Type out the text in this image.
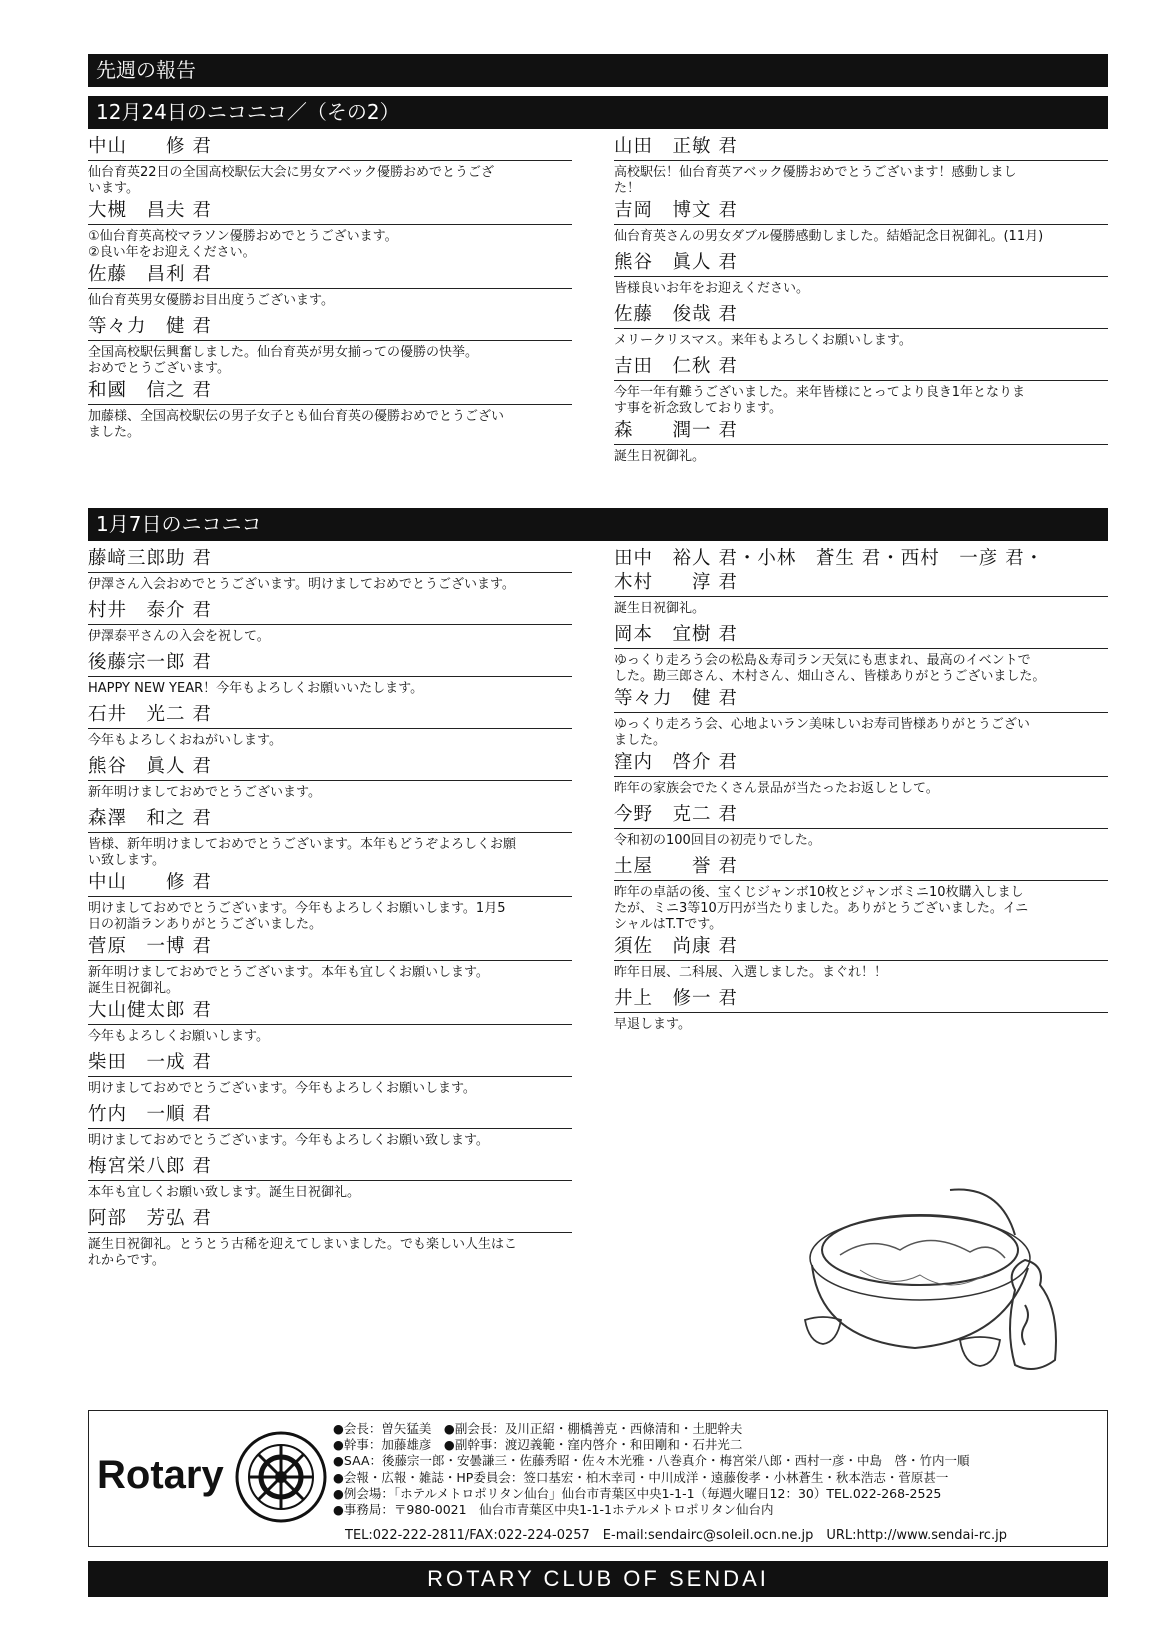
先週の報告
12月24日のニコニコ／（その2）
中山　　修 君
仙台育英22日の全国高校駅伝大会に男女アベック優勝おめでとうござ
います。
大槻　昌夫 君
①仙台育英高校マラソン優勝おめでとうございます。
②良い年をお迎えください。
佐藤　昌利 君
仙台育英男女優勝お目出度うございます。
等々力　健 君
全国高校駅伝興奮しました。仙台育英が男女揃っての優勝の快挙。
おめでとうございます。
和國　信之 君
加藤様、全国高校駅伝の男子女子とも仙台育英の優勝おめでとうござい
ました。
山田　正敏 君
高校駅伝！仙台育英アベック優勝おめでとうございます！感動しまし
た！
吉岡　博文 君
仙台育英さんの男女ダブル優勝感動しました。結婚記念日祝御礼。(11月)
熊谷　眞人 君
皆様良いお年をお迎えください。
佐藤　俊哉 君
メリークリスマス。来年もよろしくお願いします。
吉田　仁秋 君
今年一年有難うございました。来年皆様にとってより良き1年となりま
す事を祈念致しております。
森　　潤一 君
誕生日祝御礼。
1月7日のニコニコ
藤﨑三郎助 君
伊澤さん入会おめでとうございます。明けましておめでとうございます。
村井　泰介 君
伊澤泰平さんの入会を祝して。
後藤宗一郎 君
HAPPY NEW YEAR！今年もよろしくお願いいたします。
石井　光二 君
今年もよろしくおねがいします。
熊谷　眞人 君
新年明けましておめでとうございます。
森澤　和之 君
皆様、新年明けましておめでとうございます。本年もどうぞよろしくお願
い致します。
中山　　修 君
明けましておめでとうございます。今年もよろしくお願いします。1月5
日の初詣ランありがとうございました。
菅原　一博 君
新年明けましておめでとうございます。本年も宜しくお願いします。
誕生日祝御礼。
大山健太郎 君
今年もよろしくお願いします。
柴田　一成 君
明けましておめでとうございます。今年もよろしくお願いします。
竹内　一順 君
明けましておめでとうございます。今年もよろしくお願い致します。
梅宮栄八郎 君
本年も宜しくお願い致します。誕生日祝御礼。
阿部　芳弘 君
誕生日祝御礼。とうとう古稀を迎えてしまいました。でも楽しい人生はこ
れからです。
田中　裕人 君・小林　蒼生 君・西村　一彦 君・
木村　　淳 君
誕生日祝御礼。
岡本　宜樹 君
ゆっくり走ろう会の松島＆寿司ラン天気にも恵まれ、最高のイベントで
した。勘三郎さん、木村さん、畑山さん、皆様ありがとうございました。
等々力　健 君
ゆっくり走ろう会、心地よいラン美味しいお寿司皆様ありがとうござい
ました。
窪内　啓介 君
昨年の家族会でたくさん景品が当たったお返しとして。
今野　克二 君
令和初の100回目の初売りでした。
土屋　　誉 君
昨年の卓話の後、宝くじジャンボ10枚とジャンボミニ10枚購入しまし
たが、ミニ3等10万円が当たりました。ありがとうございました。イニ
シャルはT.Tです。
須佐　尚康 君
昨年日展、二科展、入選しました。まぐれ！！
井上　修一 君
早退します。
Rotary
●会長：曽矢猛美　●副会長：及川正紹・棚橋善克・西條清和・土肥幹夫
●幹事：加藤雄彦　●副幹事：渡辺義範・窪内啓介・和田剛和・石井光二
●SAA：後藤宗一郎・安曇謙三・佐藤秀昭・佐々木光雅・八巻真介・梅宮栄八郎・西村一彦・中島　啓・竹内一順
●会報・広報・雑誌・HP委員会：签口基宏・柏木幸司・中川成洋・遠藤俊孝・小林蒼生・秋本浩志・菅原甚一
●例会場：「ホテルメトロポリタン仙台」仙台市青葉区中央1-1-1（毎週火曜日12：30）TEL.022-268-2525
●事務局：〒980-0021　仙台市青葉区中央1-1-1ホテルメトロポリタン仙台内
TEL:022-222-2811/FAX:022-224-0257　E-mail:sendairc@soleil.ocn.ne.jp　URL:http://www.sendai-rc.jp
ROTARY CLUB OF SENDAI
